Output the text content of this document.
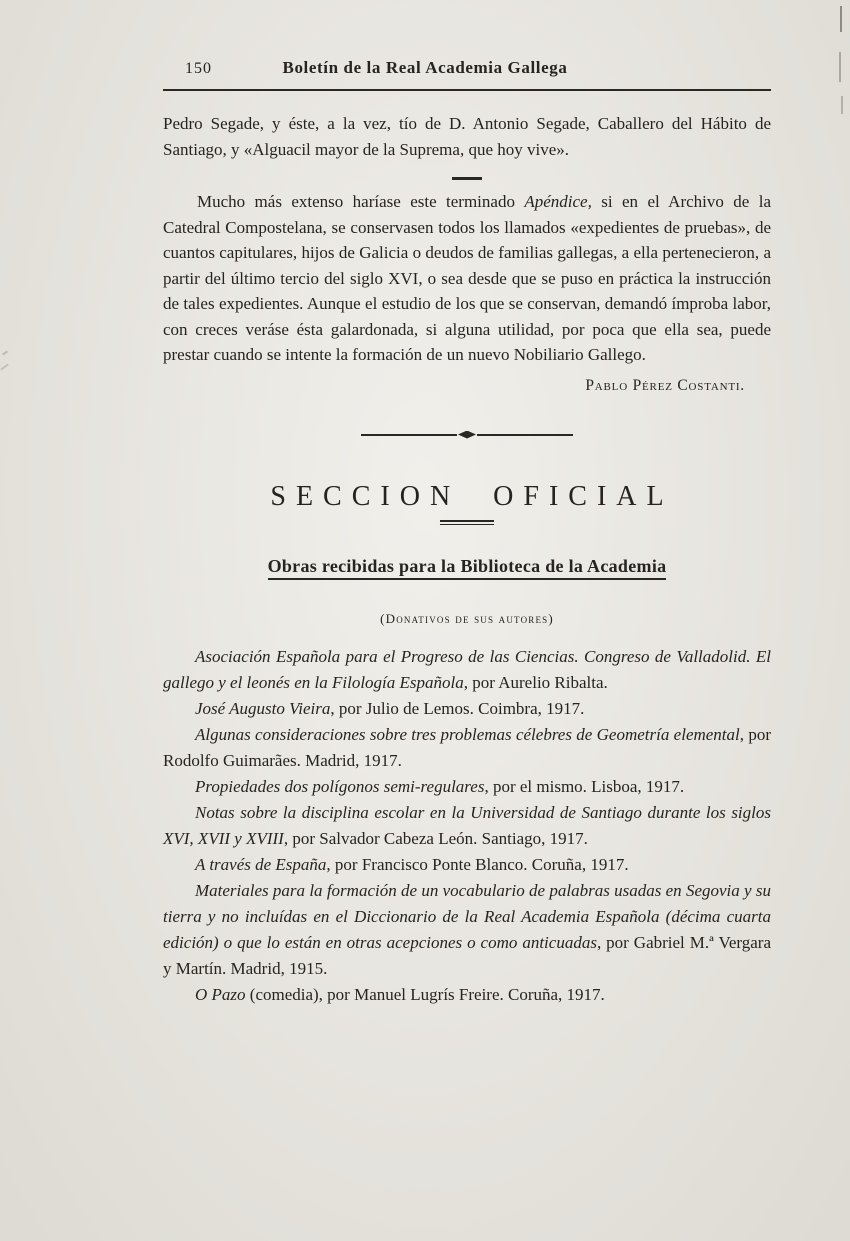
150	Boletín de la Real Academia Gallega

Pedro Segade, y éste, a la vez, tío de D. Antonio Segade, Caballero del Hábito de Santiago, y «Alguacil mayor de la Suprema, que hoy vive».

Mucho más extenso haríase este terminado Apéndice, si en el Archivo de la Catedral Compostelana, se conservasen todos los llamados «expedientes de pruebas», de cuantos capitulares, hijos de Galicia o deudos de familias gallegas, a ella pertenecieron, a partir del último tercio del siglo XVI, o sea desde que se puso en práctica la instrucción de tales expedientes. Aunque el estudio de los que se conservan, demandó ímproba labor, con creces veráse ésta galardonada, si alguna utilidad, por poca que ella sea, puede prestar cuando se intente la formación de un nuevo Nobiliario Gallego.

Pablo Pérez Costanti.

SECCION OFICIAL
Obras recibidas para la Biblioteca de la Academia

(Donativos de sus autores)

Asociación Española para el Progreso de las Ciencias. Congreso de Valladolid. El gallego y el leonés en la Filología Española, por Aurelio Ribalta.

José Augusto Vieira, por Julio de Lemos. Coimbra, 1917.

Algunas consideraciones sobre tres problemas célebres de Geometría elemental, por Rodolfo Guimarães. Madrid, 1917.

Propiedades dos polígonos semi-regulares, por el mismo. Lisboa, 1917.

Notas sobre la disciplina escolar en la Universidad de Santiago durante los siglos XVI, XVII y XVIII, por Salvador Cabeza León. Santiago, 1917.

A través de España, por Francisco Ponte Blanco. Coruña, 1917.

Materiales para la formación de un vocabulario de palabras usadas en Segovia y su tierra y no incluídas en el Diccionario de la Real Academia Española (décima cuarta edición) o que lo están en otras acepciones o como anticuadas, por Gabriel M.ª Vergara y Martín. Madrid, 1915.

O Pazo (comedia), por Manuel Lugrís Freire. Coruña, 1917.
